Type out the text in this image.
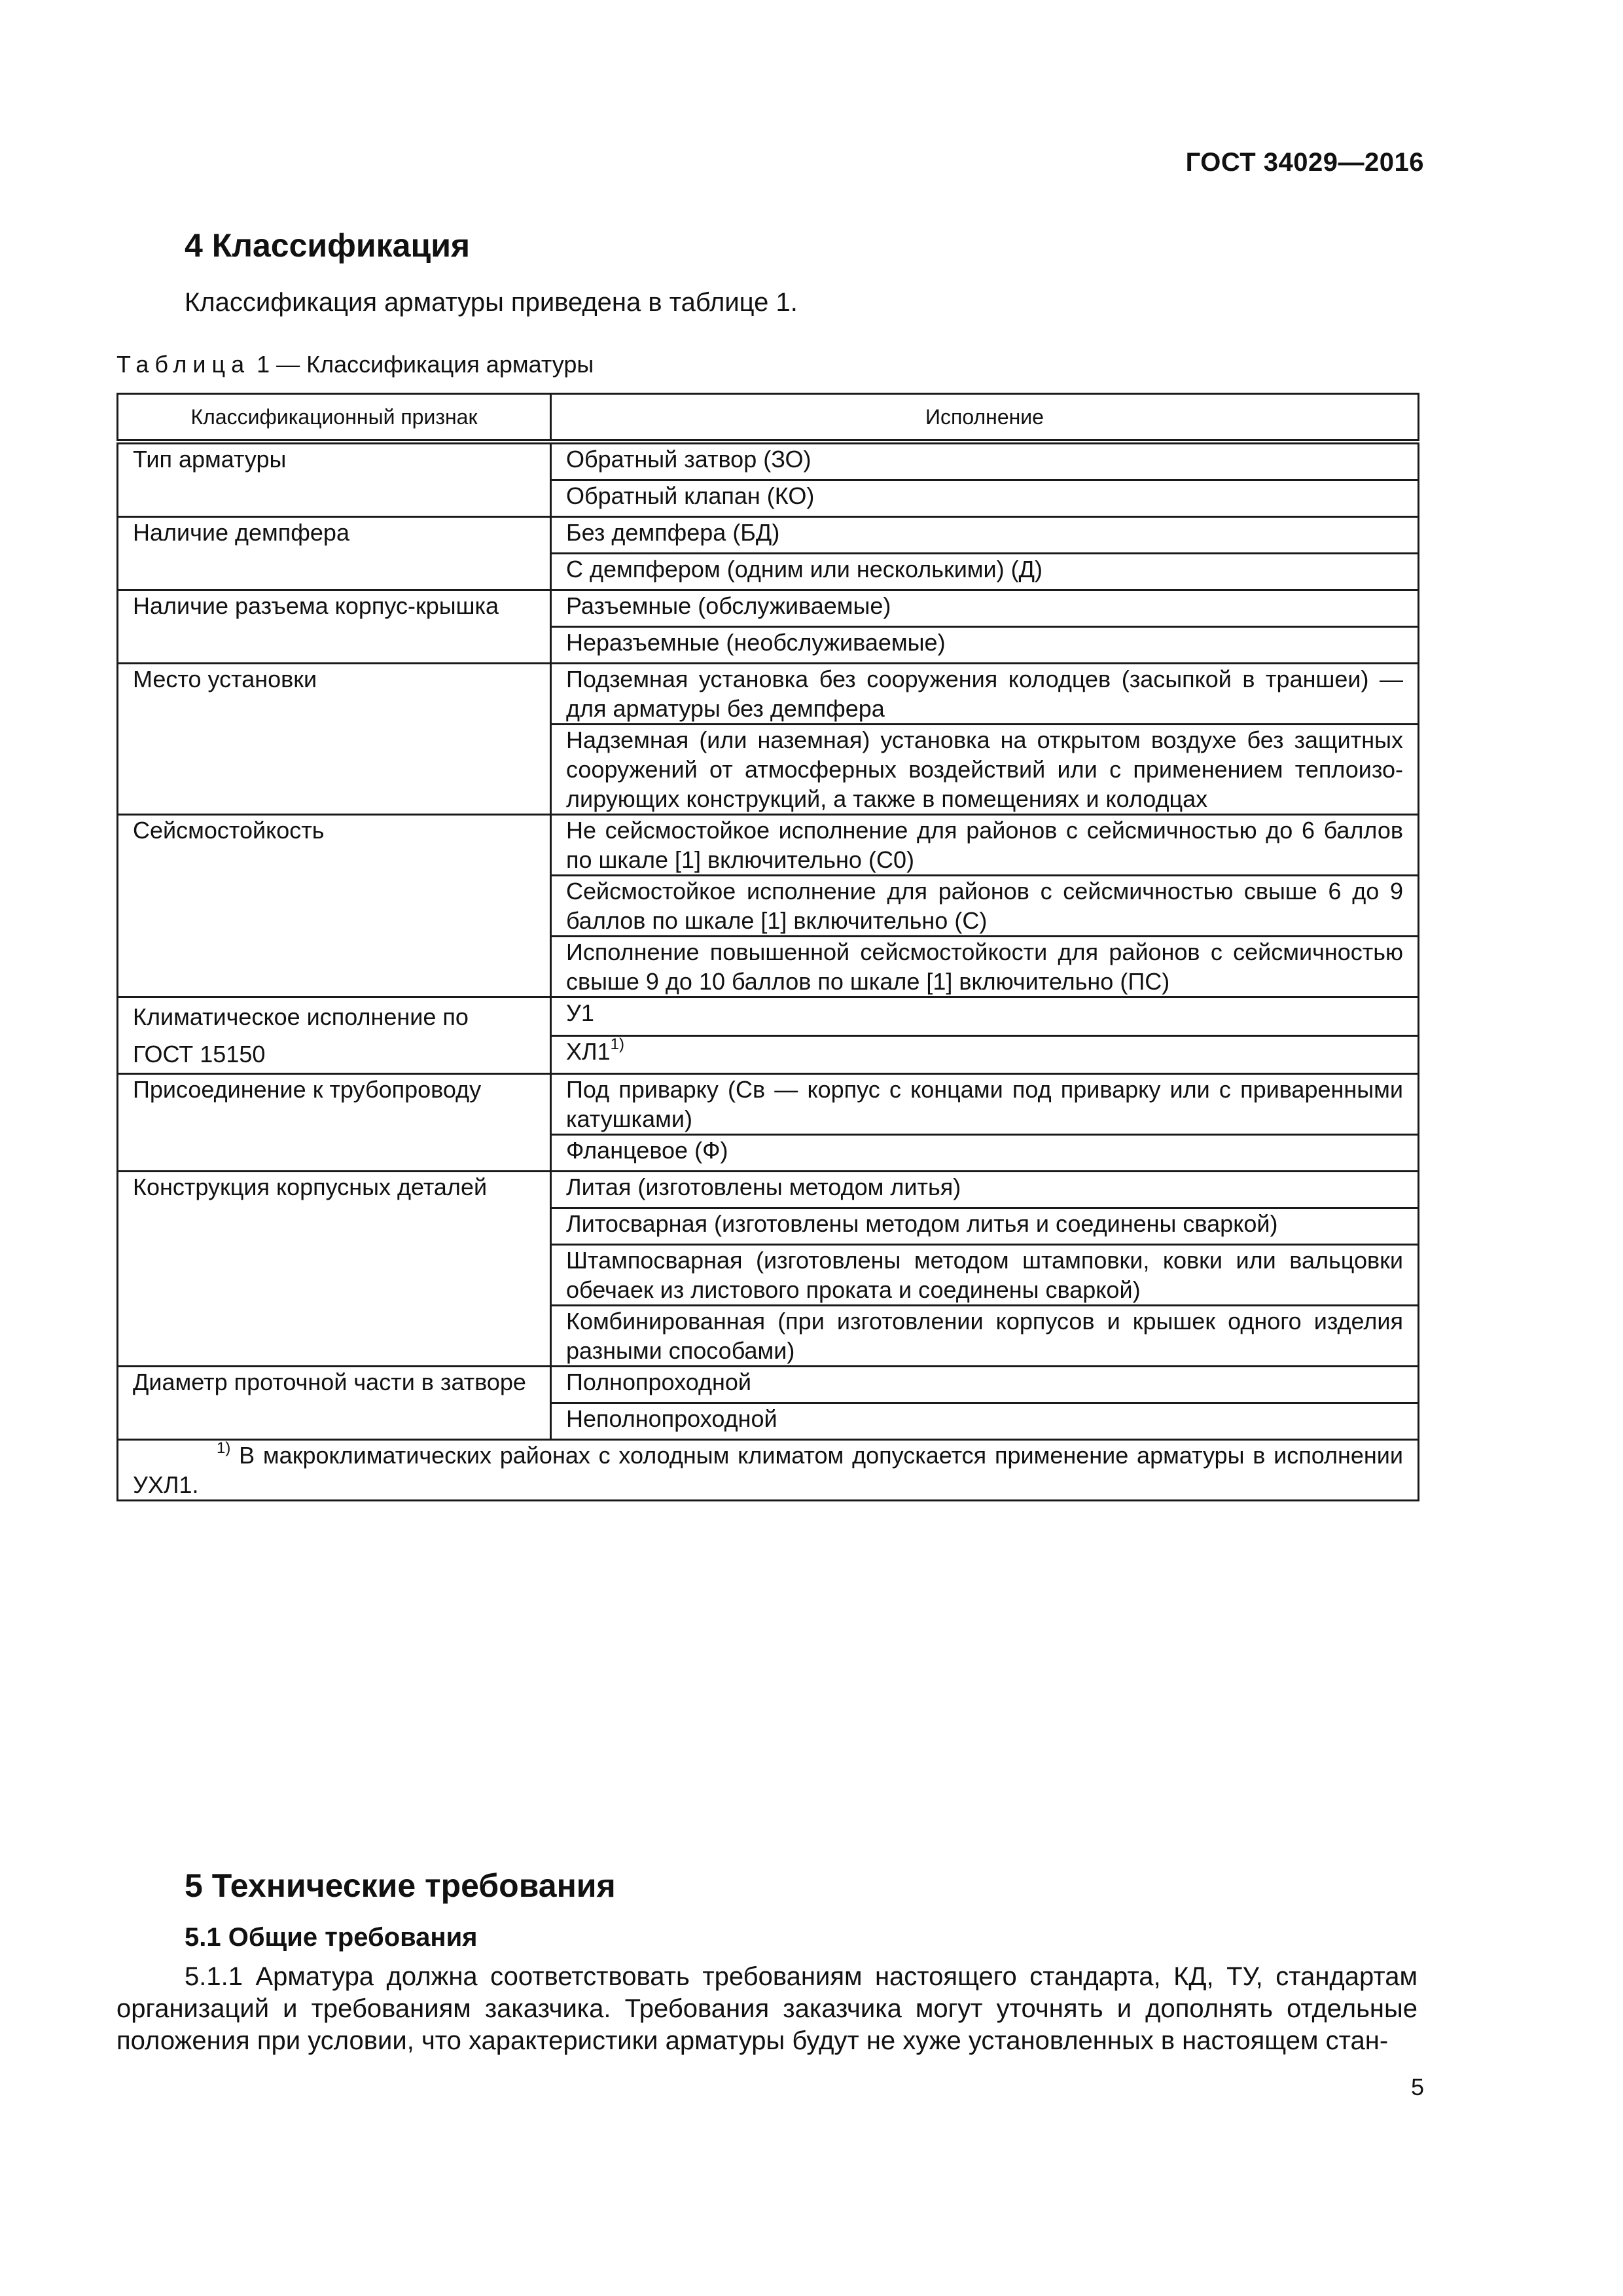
ГОСТ 34029—2016
4 Классификация
Классификация арматуры приведена в таблице 1.
Таблица 1 — Классификация арматуры
Классификационный признак	Исполнение
Тип арматуры	Обратный затвор (ЗО)
	Обратный клапан (КО)
Наличие демпфера	Без демпфера (БД)
	С демпфером (одним или несколькими) (Д)
Наличие разъема корпус-крышка	Разъемные (обслуживаемые)
	Неразъемные (необслуживаемые)
Место установки	Подземная установка без сооружения колодцев (засыпкой в траншеи) — для арматуры без демпфера
	Надземная (или наземная) установка на открытом воздухе без защитных сооружений от атмосферных воздействий или с применением теплоизо-лирующих конструкций, а также в помещениях и колодцах
Сейсмостойкость	Не сейсмостойкое исполнение для районов с сейсмичностью до 6 баллов по шкале [1] включительно (С0)
	Сейсмостойкое исполнение для районов с сейсмичностью свыше 6 до 9 баллов по шкале [1] включительно (С)
	Исполнение повышенной сейсмостойкости для районов с сейсмичностью свыше 9 до 10 баллов по шкале [1] включительно (ПС)
Климатическое исполнение по ГОСТ 15150	У1
	ХЛ1$^{1)}$
Присоединение к трубопроводу	Под приварку (Св — корпус с концами под приварку или с приваренными катушками)
	Фланцевое (Ф)
Конструкция корпусных деталей	Литая (изготовлены методом литья)
	Литосварная (изготовлены методом литья и соединены сваркой)
	Штампосварная (изготовлены методом штамповки, ковки или вальцовки обечаек из листового проката и соединены сваркой)
	Комбинированная (при изготовлении корпусов и крышек одного изделия разными способами)
Диаметр проточной части в затворе	Полнопроходной
	Неполнопроходной
$^{1)}$ В макроклиматических районах с холодным климатом допускается применение арматуры в исполнении УХЛ1.	
5 Технические требования
5.1 Общие требования
5.1.1 Арматура должна соответствовать требованиям настоящего стандарта, КД, ТУ, стандартам организаций и требованиям заказчика. Требования заказчика могут уточнять и дополнять отдельные положения при условии, что характеристики арматуры будут не хуже установленных в настоящем стан-
5
